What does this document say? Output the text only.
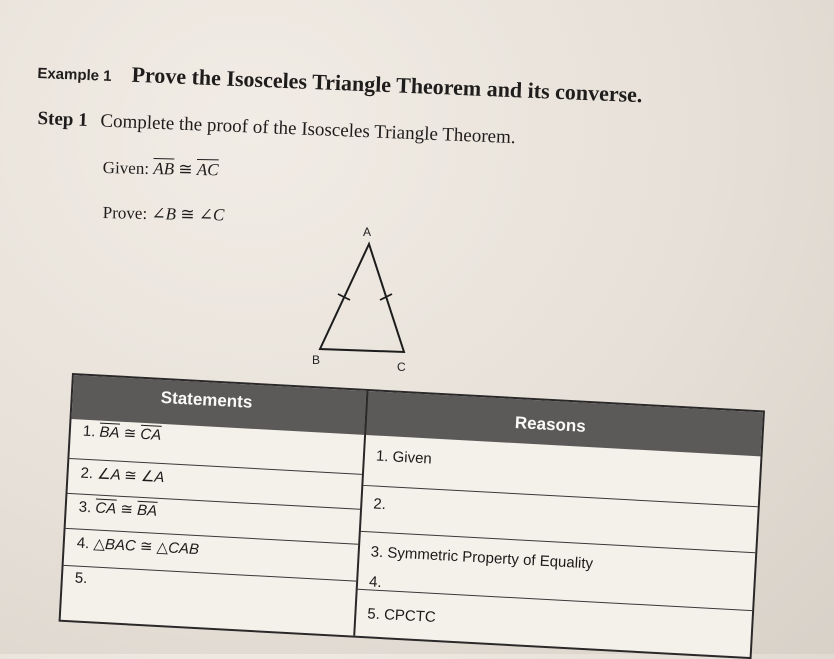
Example 1 Prove the Isosceles Triangle Theorem and its converse.
Step 1 Complete the proof of the Isosceles Triangle Theorem.
Given: $\overline{AB}$ ≅ $\overline{AC}$
Prove: ∠B ≅ ∠C
A
B	C
Statements
Reasons
1. $\overline{BA}$ ≅ $\overline{CA}$
2. ∠A ≅ ∠A
3. $\overline{CA}$ ≅ $\overline{BA}$
4. △BAC ≅ △CAB
5.
1. Given
2.
3. Symmetric Property of Equality
4.
5. CPCTC
